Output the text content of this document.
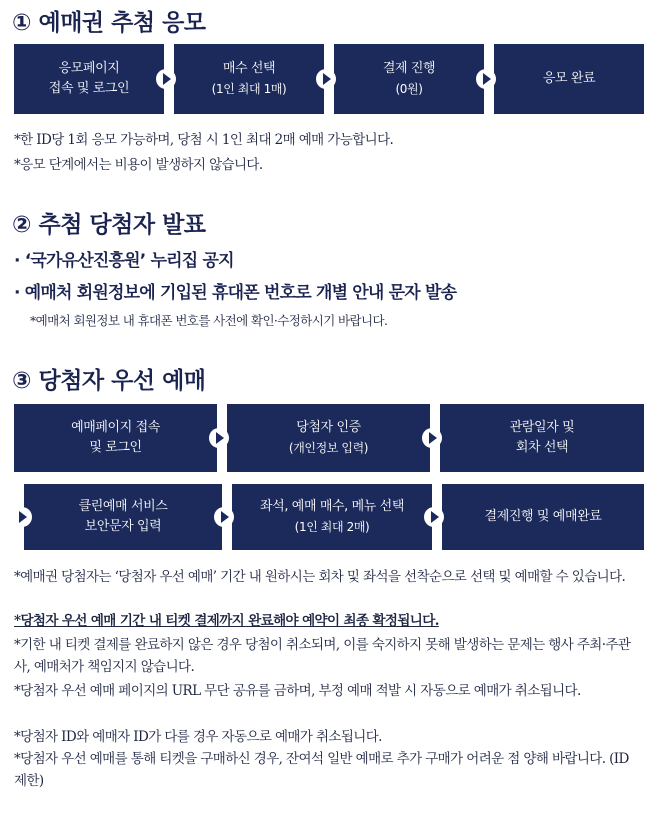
① 예매권 추첨 응모
응모페이지
접속 및 로그인
매수 선택
(1인 최대 1매)
결제 진행
(0원)
응모 완료
*한 ID당 1회 응모 가능하며, 당첨 시 1인 최대 2매 예매 가능합니다.
*응모 단계에서는 비용이 발생하지 않습니다.
② 추첨 당첨자 발표
· ‘국가유산진흥원’ 누리집 공지
· 예매처 회원정보에 기입된 휴대폰 번호로 개별 안내 문자 발송
*예매처 회원정보 내 휴대폰 번호를 사전에 확인·수정하시기 바랍니다.
③ 당첨자 우선 예매
예매페이지 접속
및 로그인
당첨자 인증
(개인정보 입력)
관람일자 및
회차 선택
클린예매 서비스
보안문자 입력
좌석, 예매 매수, 메뉴 선택
(1인 최대 2매)
결제진행 및 예매완료
*예매권 당첨자는 ‘당첨자 우선 예매’ 기간 내 원하시는 회차 및 좌석을 선착순으로 선택 및 예매할 수 있습니다.
*당첨자 우선 예매 기간 내 티켓 결제까지 완료해야 예약이 최종 확정됩니다.
*기한 내 티켓 결제를 완료하지 않은 경우 당첨이 취소되며, 이를 숙지하지 못해 발생하는 문제는 행사 주최·주관사, 예매처가 책임지지 않습니다.
*당첨자 우선 예매 페이지의 URL 무단 공유를 금하며, 부정 예매 적발 시 자동으로 예매가 취소됩니다.
*당첨자 ID와 예매자 ID가 다를 경우 자동으로 예매가 취소됩니다.
*당첨자 우선 예매를 통해 티켓을 구매하신 경우, 잔여석 일반 예매로 추가 구매가 어려운 점 양해 바랍니다. (ID 제한)
